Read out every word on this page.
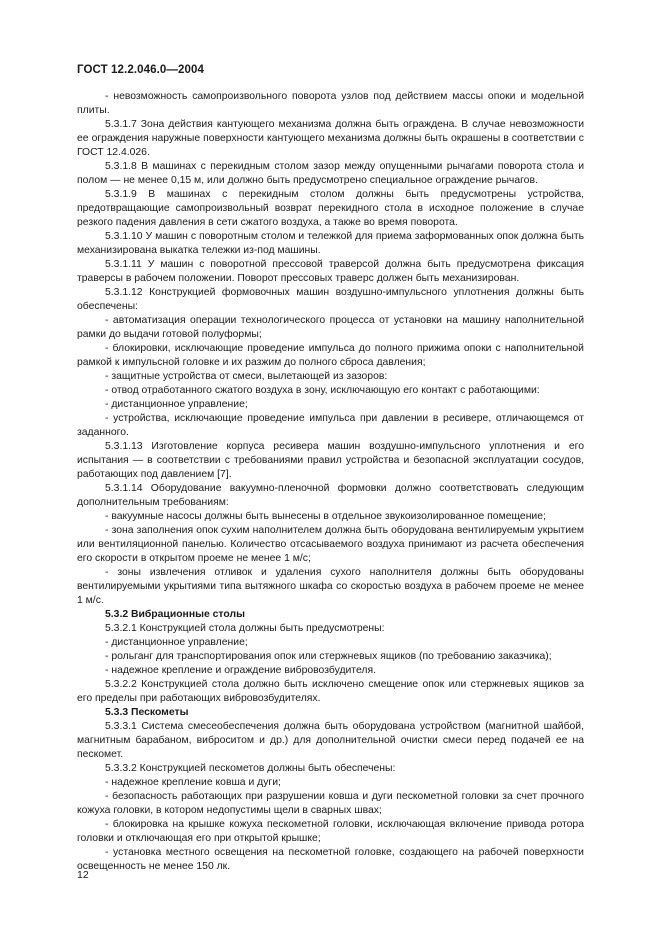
ГОСТ 12.2.046.0—2004

- невозможность самопроизвольного поворота узлов под действием массы опоки и модельной плиты.

5.3.1.7 Зона действия кантующего механизма должна быть ограждена. В случае невозможности ее ограждения наружные поверхности кантующего механизма должны быть окрашены в соответствии с ГОСТ 12.4.026.

5.3.1.8 В машинах с перекидным столом зазор между опущенными рычагами поворота стола и полом — не менее 0,15 м, или должно быть предусмотрено специальное ограждение рычагов.

5.3.1.9 В машинах с перекидным столом должны быть предусмотрены устройства, предотвращающие самопроизвольный возврат перекидного стола в исходное положение в случае резкого падения давления в сети сжатого воздуха, а также во время поворота.

5.3.1.10 У машин с поворотным столом и тележкой для приема заформованных опок должна быть механизирована выкатка тележки из-под машины.

5.3.1.11 У машин с поворотной прессовой траверсой должна быть предусмотрена фиксация траверсы в рабочем положении. Поворот прессовых траверс должен быть механизирован.

5.3.1.12 Конструкцией формовочных машин воздушно-импульсного уплотнения должны быть обеспечены:

- автоматизация операции технологического процесса от установки на машину наполнительной рамки до выдачи готовой полуформы;

- блокировки, исключающие проведение импульса до полного прижима опоки с наполнительной рамкой к импульсной головке и их разжим до полного сброса давления;

- защитные устройства от смеси, вылетающей из зазоров:

- отвод отработанного сжатого воздуха в зону, исключающую его контакт с работающими:

- дистанционное управление;

- устройства, исключающие проведение импульса при давлении в ресивере, отличающемся от заданного.

5.3.1.13 Изготовление корпуса ресивера машин воздушно-импульсного уплотнения и его испытания — в соответствии с требованиями правил устройства и безопасной эксплуатации сосудов, работающих под давлением [7].

5.3.1.14 Оборудование вакуумно-пленочной формовки должно соответствовать следующим дополнительным требованиям:

- вакуумные насосы должны быть вынесены в отдельное звукоизолированное помещение;

- зона заполнения опок сухим наполнителем должна быть оборудована вентилируемым укрытием или вентиляционной панелью. Количество отсасываемого воздуха принимают из расчета обеспечения его скорости в открытом проеме не менее 1 м/с;

- зоны извлечения отливок и удаления сухого наполнителя должны быть оборудованы вентилируемыми укрытиями типа вытяжного шкафа со скоростью воздуха в рабочем проеме не менее 1 м/с.

5.3.2 Вибрационные столы

5.3.2.1 Конструкцией стола должны быть предусмотрены:

- дистанционное управление;

- рольганг для транспортирования опок или стержневых ящиков (по требованию заказчика);

- надежное крепление и ограждение вибровозбудителя.

5.3.2.2 Конструкцией стола должно быть исключено смещение опок или стержневых ящиков за его пределы при работающих вибровозбудителях.

5.3.3 Пескометы

5.3.3.1 Система смесеобеспечения должна быть оборудована устройством (магнитной шайбой, магнитным барабаном, виброситом и др.) для дополнительной очистки смеси перед подачей ее на пескомет.

5.3.3.2 Конструкцией пескометов должны быть обеспечены:

- надежное крепление ковша и дуги;

- безопасность работающих при разрушении ковша и дуги пескометной головки за счет прочного кожуха головки, в котором недопустимы щели в сварных швах;

- блокировка на крышке кожуха пескометной головки, исключающая включение привода ротора головки и отключающая его при открытой крышке;

- установка местного освещения на пескометной головке, создающего на рабочей поверхности освещенность не менее 150 лк.

12
